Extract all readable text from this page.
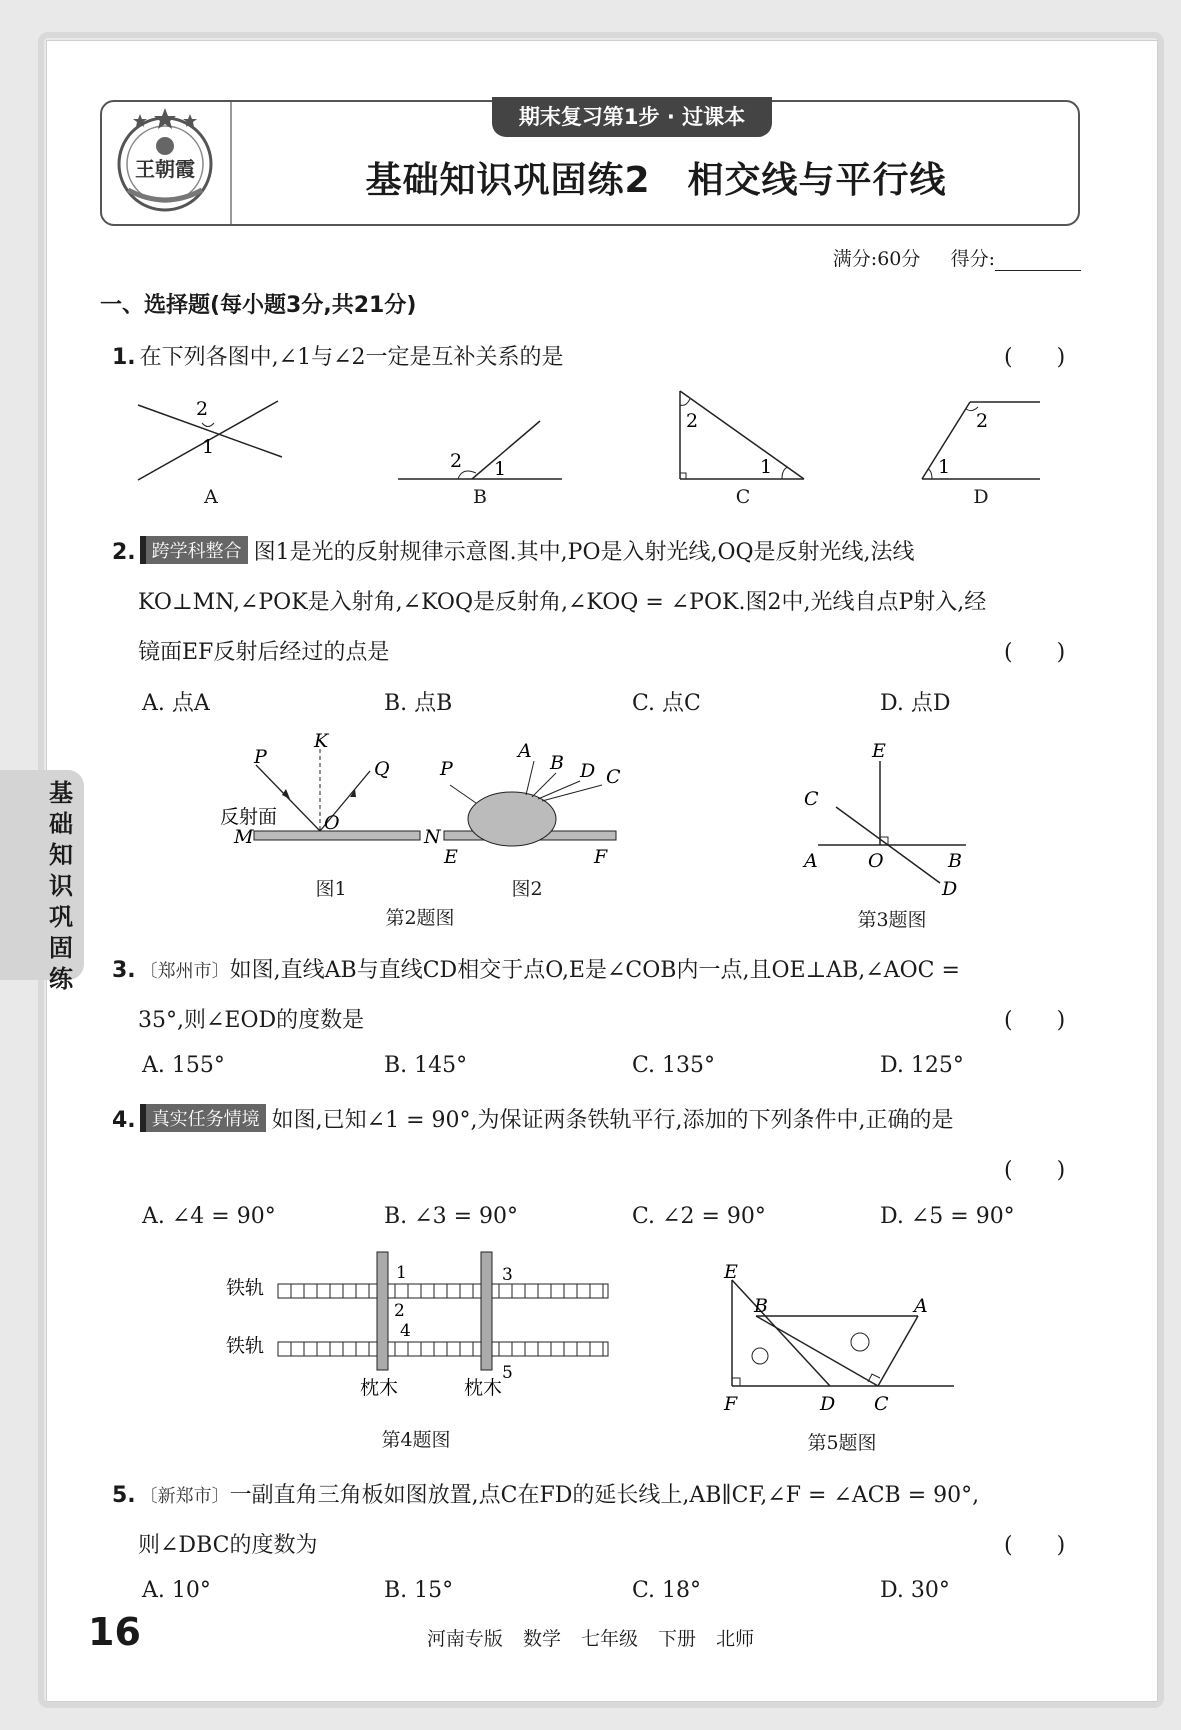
王朝霞
期末复习第1步 · 过课本
基础知识巩固练2　相交线与平行线
满分:60分 得分:
一、选择题(每小题3分,共21分)
1. 在下列各图中,∠1与∠2一定是互补关系的是	(　　)
2
1
2 1
2
1	1
2
A	B	C	D
2. 跨学科整合 图1是光的反射规律示意图.其中,PO是入射光线,OQ是反射光线,法线
KO⊥MN,∠POK是入射角,∠KOQ是反射角,∠KOQ = ∠POK.图2中,光线自点P射入,经
镜面EF反射后经过的点是	(　　)
A. 点A	B. 点B	C. 点C	D. 点D
P
K
Q
O
M	N
反射面
P
A
B D C
E	F
图1	图2
第2题图
E
C
A	O	B
D
第3题图
3. 〔郑州市〕如图,直线AB与直线CD相交于点O,E是∠COB内一点,且OE⊥AB,∠AOC =
35°,则∠EOD的度数是	(　　)
A. 155°	B. 145°	C. 135°	D. 125°
4. 真实任务情境 如图,已知∠1 = 90°,为保证两条铁轨平行,添加的下列条件中,正确的是
(　　)
A. ∠4 = 90°	B. ∠3 = 90°	C. ∠2 = 90°	D. ∠5 = 90°
铁轨
铁轨
1	3
2
4
5
枕木	枕木
第4题图
E
B	A
F	D C
第5题图
5. 〔新郑市〕一副直角三角板如图放置,点C在FD的延长线上,AB∥CF,∠F = ∠ACB = 90°,
则∠DBC的度数为	(　　)
A. 10°	B. 15°	C. 18°	D. 30°
基础知识巩固练
16	河南专版 数学 七年级 下册 北师
